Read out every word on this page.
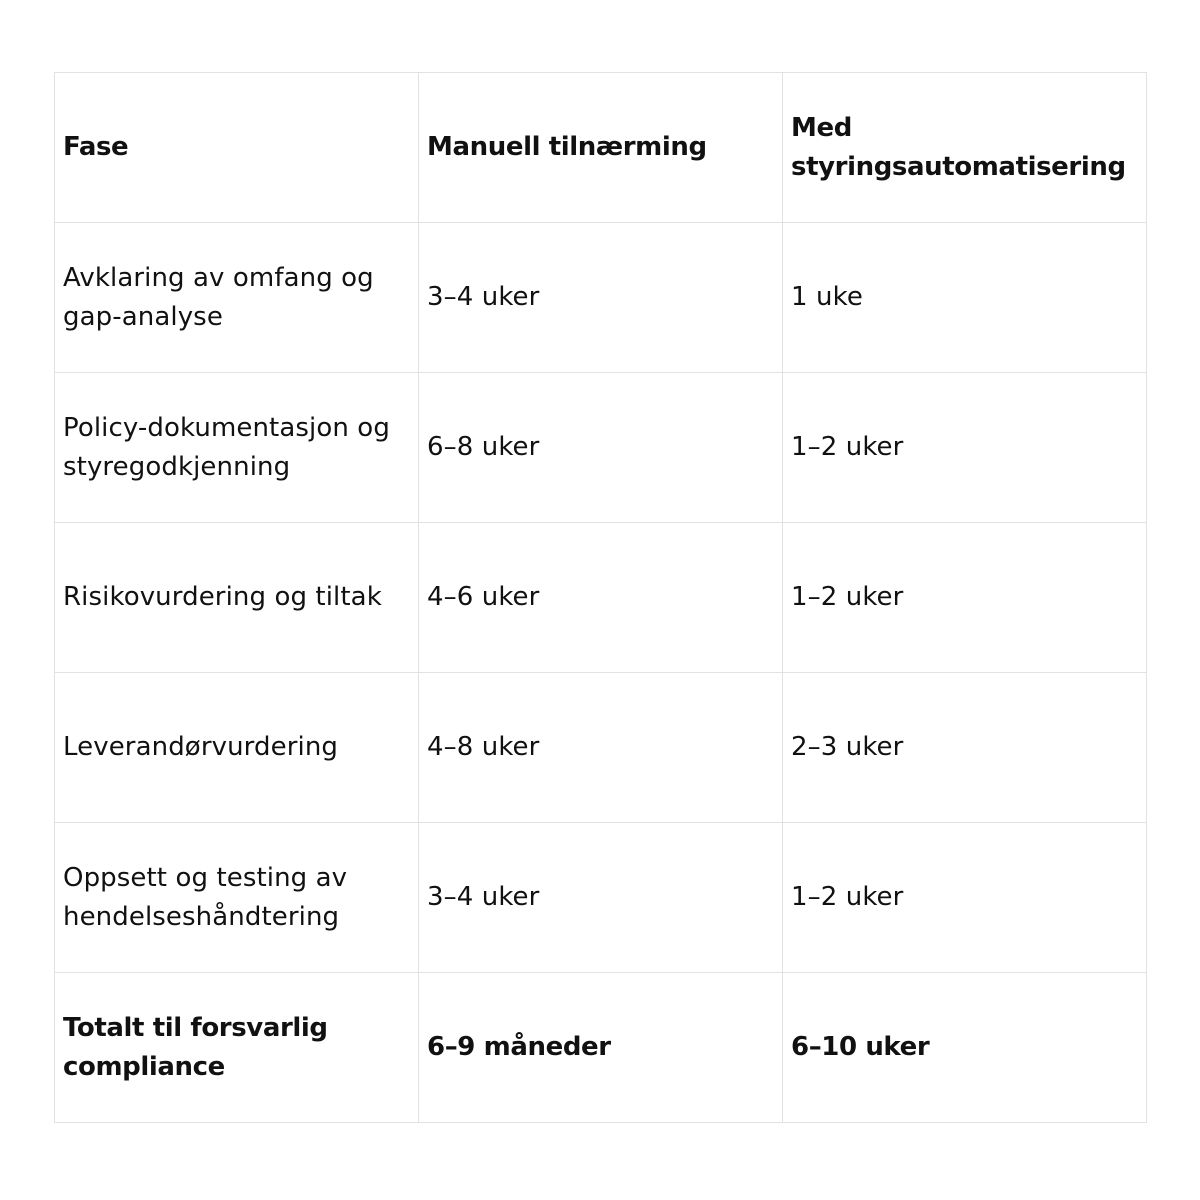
Fase	Manuell tilnærming	Med styringsautomatisering
Avklaring av omfang og gap-analyse	3–4 uker	1 uke
Policy-dokumentasjon og styregodkjenning	6–8 uker	1–2 uker
Risikovurdering og tiltak	4–6 uker	1–2 uker
Leverandørvurdering	4–8 uker	2–3 uker
Oppsett og testing av hendelseshåndtering	3–4 uker	1–2 uker
Totalt til forsvarlig compliance	6–9 måneder	6–10 uker
